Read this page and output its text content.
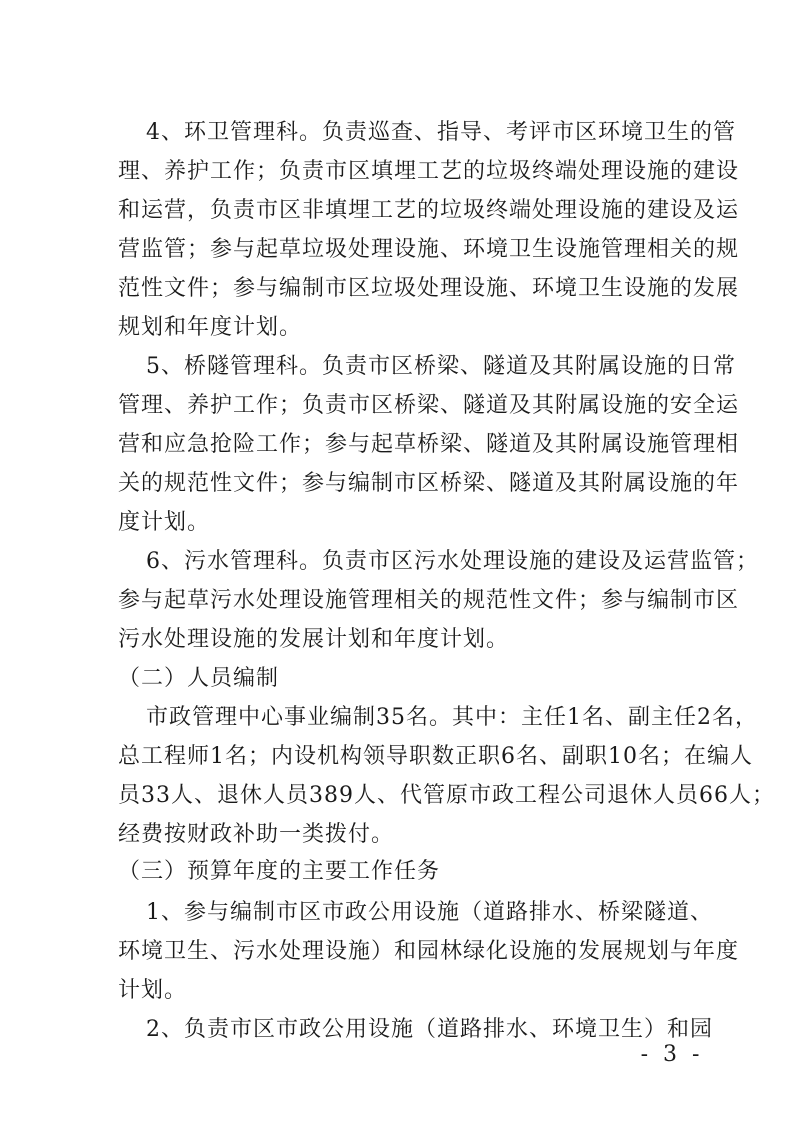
4、环卫管理科。负责巡查、指导、考评市区环境卫生的管
理、养护工作；负责市区填埋工艺的垃圾终端处理设施的建设
和运营，负责市区非填埋工艺的垃圾终端处理设施的建设及运
营监管；参与起草垃圾处理设施、环境卫生设施管理相关的规
范性文件；参与编制市区垃圾处理设施、环境卫生设施的发展
规划和年度计划。
5、桥隧管理科。负责市区桥梁、隧道及其附属设施的日常
管理、养护工作；负责市区桥梁、隧道及其附属设施的安全运
营和应急抢险工作；参与起草桥梁、隧道及其附属设施管理相
关的规范性文件；参与编制市区桥梁、隧道及其附属设施的年
度计划。
6、污水管理科。负责市区污水处理设施的建设及运营监管；
参与起草污水处理设施管理相关的规范性文件；参与编制市区
污水处理设施的发展计划和年度计划。
（二）人员编制
市政管理中心事业编制35名。其中：主任1名、副主任2名，
总工程师1名；内设机构领导职数正职6名、副职10名；在编人
员33人、退休人员389人、代管原市政工程公司退休人员66人；
经费按财政补助一类拨付。
（三）预算年度的主要工作任务
1、参与编制市区市政公用设施（道路排水、桥梁隧道、
环境卫生、污水处理设施）和园林绿化设施的发展规划与年度
计划。
2、负责市区市政公用设施（道路排水、环境卫生）和园
- 3 -
